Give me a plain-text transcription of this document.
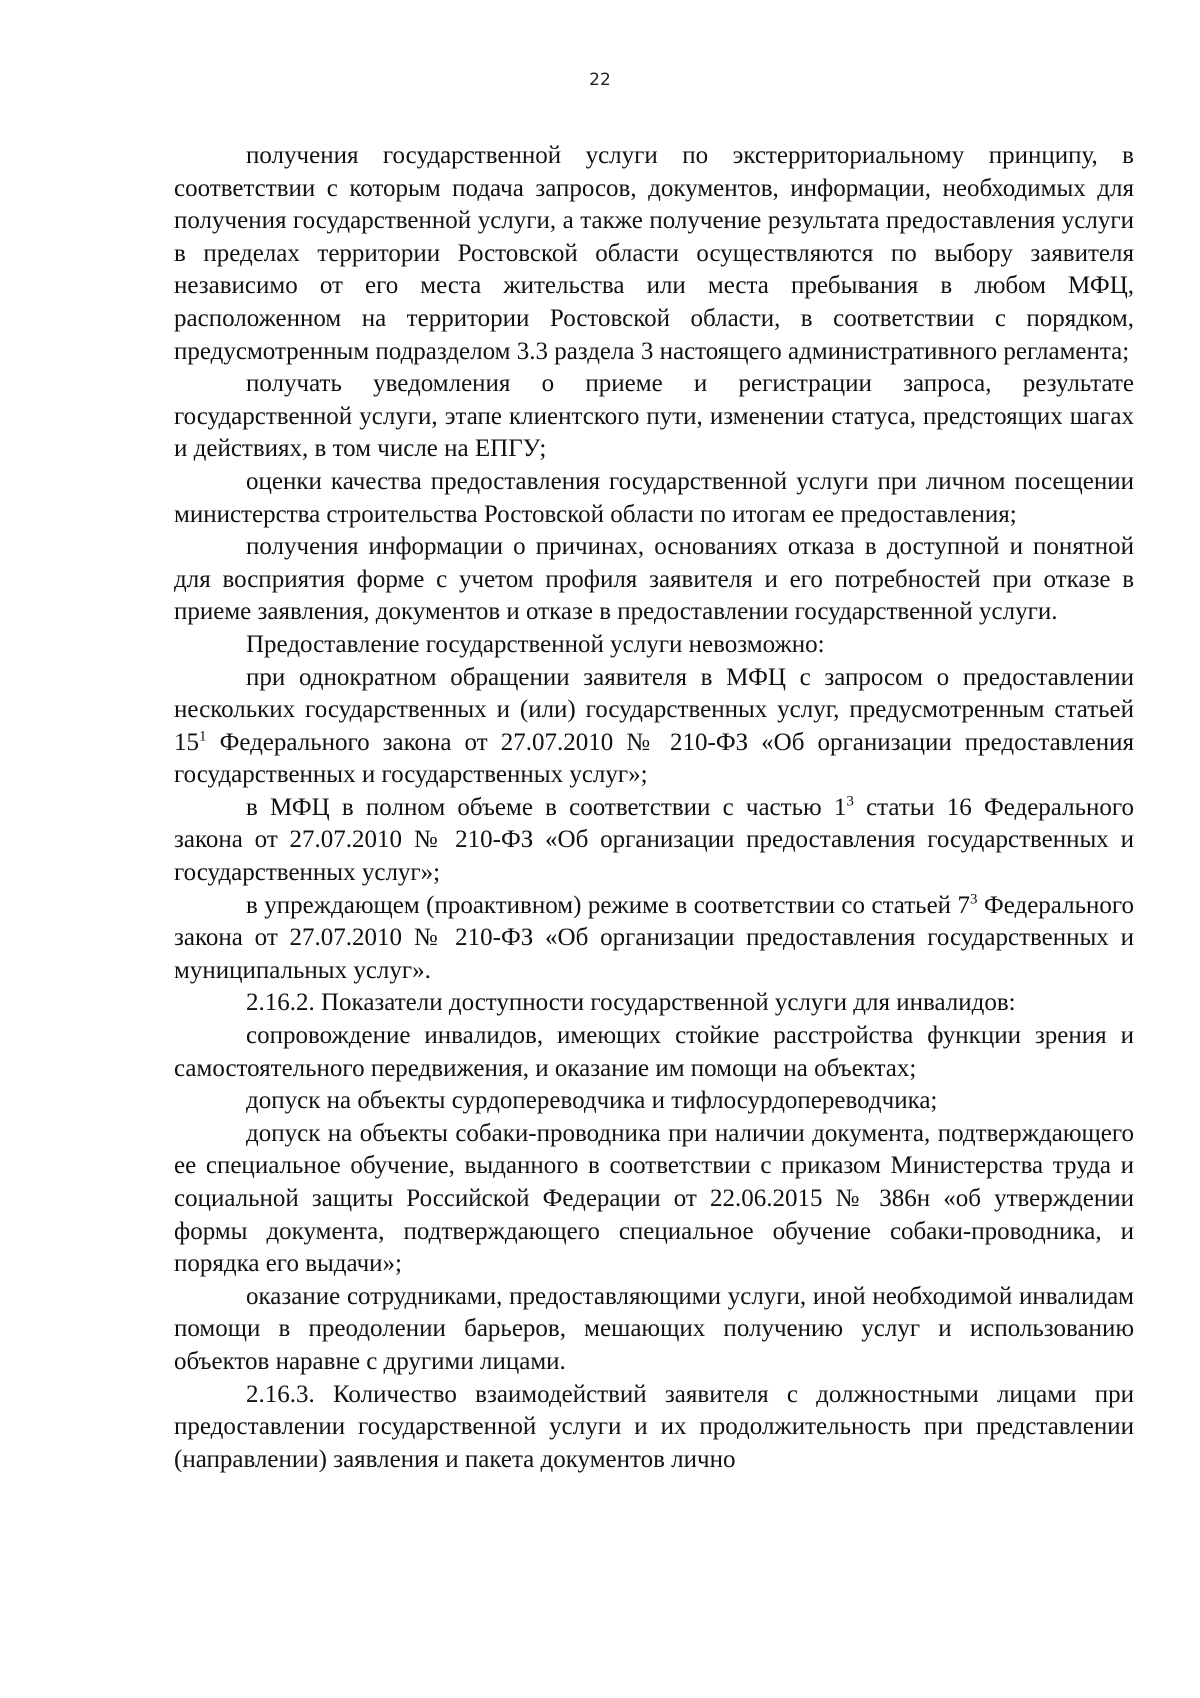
22

получения государственной услуги по экстерриториальному принципу, в соответствии с которым подача запросов, документов, информации, необходимых для получения государственной услуги, а также получение результата предоставления услуги в пределах территории Ростовской области осуществляются по выбору заявителя независимо от его места жительства или места пребывания в любом МФЦ, расположенном на территории Ростовской области, в соответствии с порядком, предусмотренным подразделом 3.3 раздела 3 настоящего административного регламента;

получать уведомления о приеме и регистрации запроса, результате государственной услуги, этапе клиентского пути, изменении статуса, предстоящих шагах и действиях, в том числе на ЕПГУ;

оценки качества предоставления государственной услуги при личном посещении министерства строительства Ростовской области по итогам ее предоставления;

получения информации о причинах, основаниях отказа в доступной и понятной для восприятия форме с учетом профиля заявителя и его потребностей при отказе в приеме заявления, документов и отказе в предоставлении государственной услуги.

Предоставление государственной услуги невозможно:

при однократном обращении заявителя в МФЦ с запросом о предоставлении нескольких государственных и (или) государственных услуг, предусмотренным статьей 15$^1$ Федерального закона от 27.07.2010 № 210-ФЗ «Об организации предоставления государственных и государственных услуг»;

в МФЦ в полном объеме в соответствии с частью 1$^3$ статьи 16 Федерального закона от 27.07.2010 № 210-ФЗ «Об организации предоставления государственных и государственных услуг»;

в упреждающем (проактивном) режиме в соответствии со статьей 7$^3$ Федерального закона от 27.07.2010 № 210-ФЗ «Об организации предоставления государственных и муниципальных услуг».

2.16.2. Показатели доступности государственной услуги для инвалидов:

сопровождение инвалидов, имеющих стойкие расстройства функции зрения и самостоятельного передвижения, и оказание им помощи на объектах;

допуск на объекты сурдопереводчика и тифлосурдопереводчика;

допуск на объекты собаки-проводника при наличии документа, подтверждающего ее специальное обучение, выданного в соответствии с приказом Министерства труда и социальной защиты Российской Федерации от 22.06.2015 № 386н «об утверждении формы документа, подтверждающего специальное обучение собаки-проводника, и порядка его выдачи»;

оказание сотрудниками, предоставляющими услуги, иной необходимой инвалидам помощи в преодолении барьеров, мешающих получению услуг и использованию объектов наравне с другими лицами.

2.16.3. Количество взаимодействий заявителя с должностными лицами при предоставлении государственной услуги и их продолжительность при представлении (направлении) заявления и пакета документов лично
